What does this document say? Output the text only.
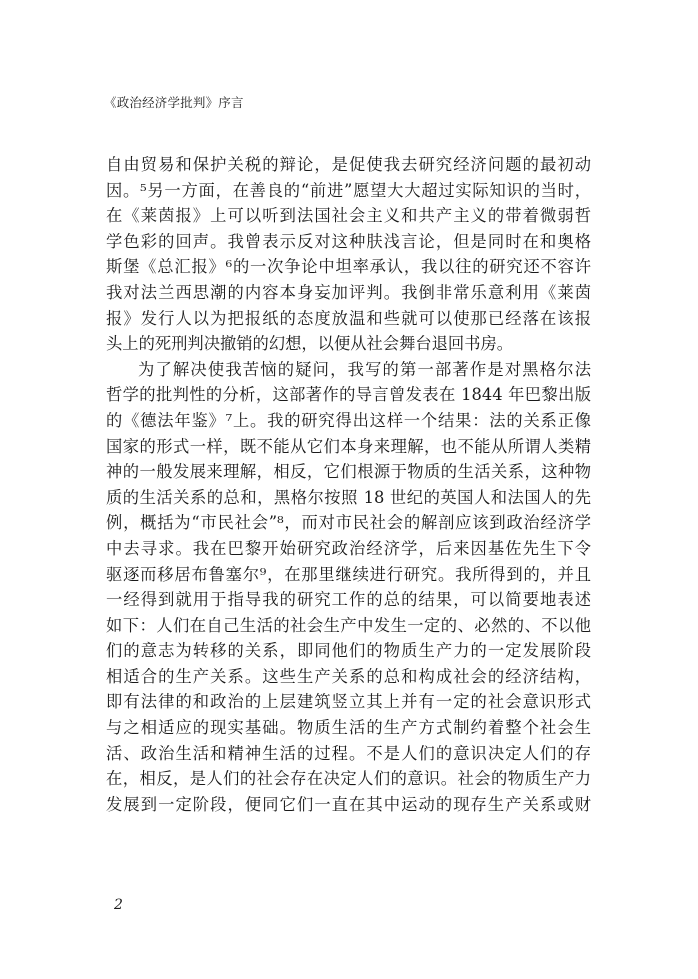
《政治经济学批判》序言
自由贸易和保护关税的辩论，是促使我去研究经济问题的最初动
因。⁵另一方面，在善良的“前进”愿望大大超过实际知识的当时，
在《莱茵报》上可以听到法国社会主义和共产主义的带着微弱哲
学色彩的回声。我曾表示反对这种肤浅言论，但是同时在和奥格
斯堡《总汇报》⁶的一次争论中坦率承认，我以往的研究还不容许
我对法兰西思潮的内容本身妄加评判。我倒非常乐意利用《莱茵
报》发行人以为把报纸的态度放温和些就可以使那已经落在该报
头上的死刑判决撤销的幻想，以便从社会舞台退回书房。
为了解决使我苦恼的疑问，我写的第一部著作是对黑格尔法
哲学的批判性的分析，这部著作的导言曾发表在 1844 年巴黎出版
的《德法年鉴》⁷上。我的研究得出这样一个结果：法的关系正像
国家的形式一样，既不能从它们本身来理解，也不能从所谓人类精
神的一般发展来理解，相反，它们根源于物质的生活关系，这种物
质的生活关系的总和，黑格尔按照 18 世纪的英国人和法国人的先
例，概括为“市民社会”⁸，而对市民社会的解剖应该到政治经济学
中去寻求。我在巴黎开始研究政治经济学，后来因基佐先生下令
驱逐而移居布鲁塞尔⁹，在那里继续进行研究。我所得到的，并且
一经得到就用于指导我的研究工作的总的结果，可以简要地表述
如下：人们在自己生活的社会生产中发生一定的、必然的、不以他
们的意志为转移的关系，即同他们的物质生产力的一定发展阶段
相适合的生产关系。这些生产关系的总和构成社会的经济结构，
即有法律的和政治的上层建筑竖立其上并有一定的社会意识形式
与之相适应的现实基础。物质生活的生产方式制约着整个社会生
活、政治生活和精神生活的过程。不是人们的意识决定人们的存
在，相反，是人们的社会存在决定人们的意识。社会的物质生产力
发展到一定阶段，便同它们一直在其中运动的现存生产关系或财
2
